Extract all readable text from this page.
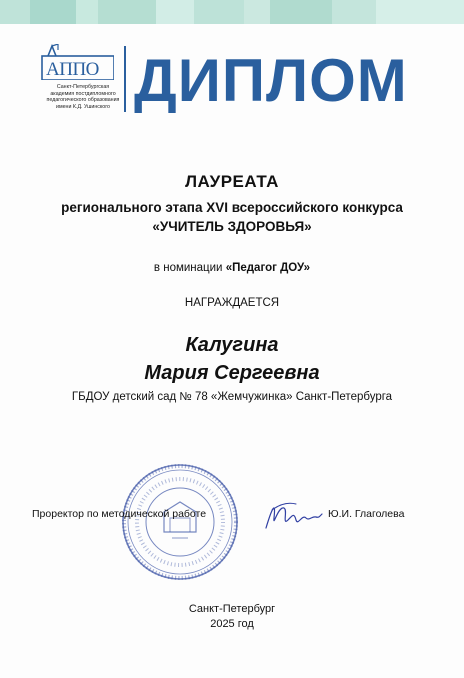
АППО
Санкт-Петербургская
академия постдипломного
педагогического образования
имени К.Д. Ушинского ДИПЛОМ
ЛАУРЕАТА
регионального этапа XVI всероссийского конкурса
«УЧИТЕЛЬ ЗДОРОВЬЯ»
в номинации «Педагог ДОУ»
НАГРАЖДАЕТСЯ
Калугина
Мария Сергеевна
ГБДОУ детский сад № 78 «Жемчужинка» Санкт-Петербурга
Проректор по методической работе	Ю.И. Глаголева
Санкт-Петербург
2025 год
